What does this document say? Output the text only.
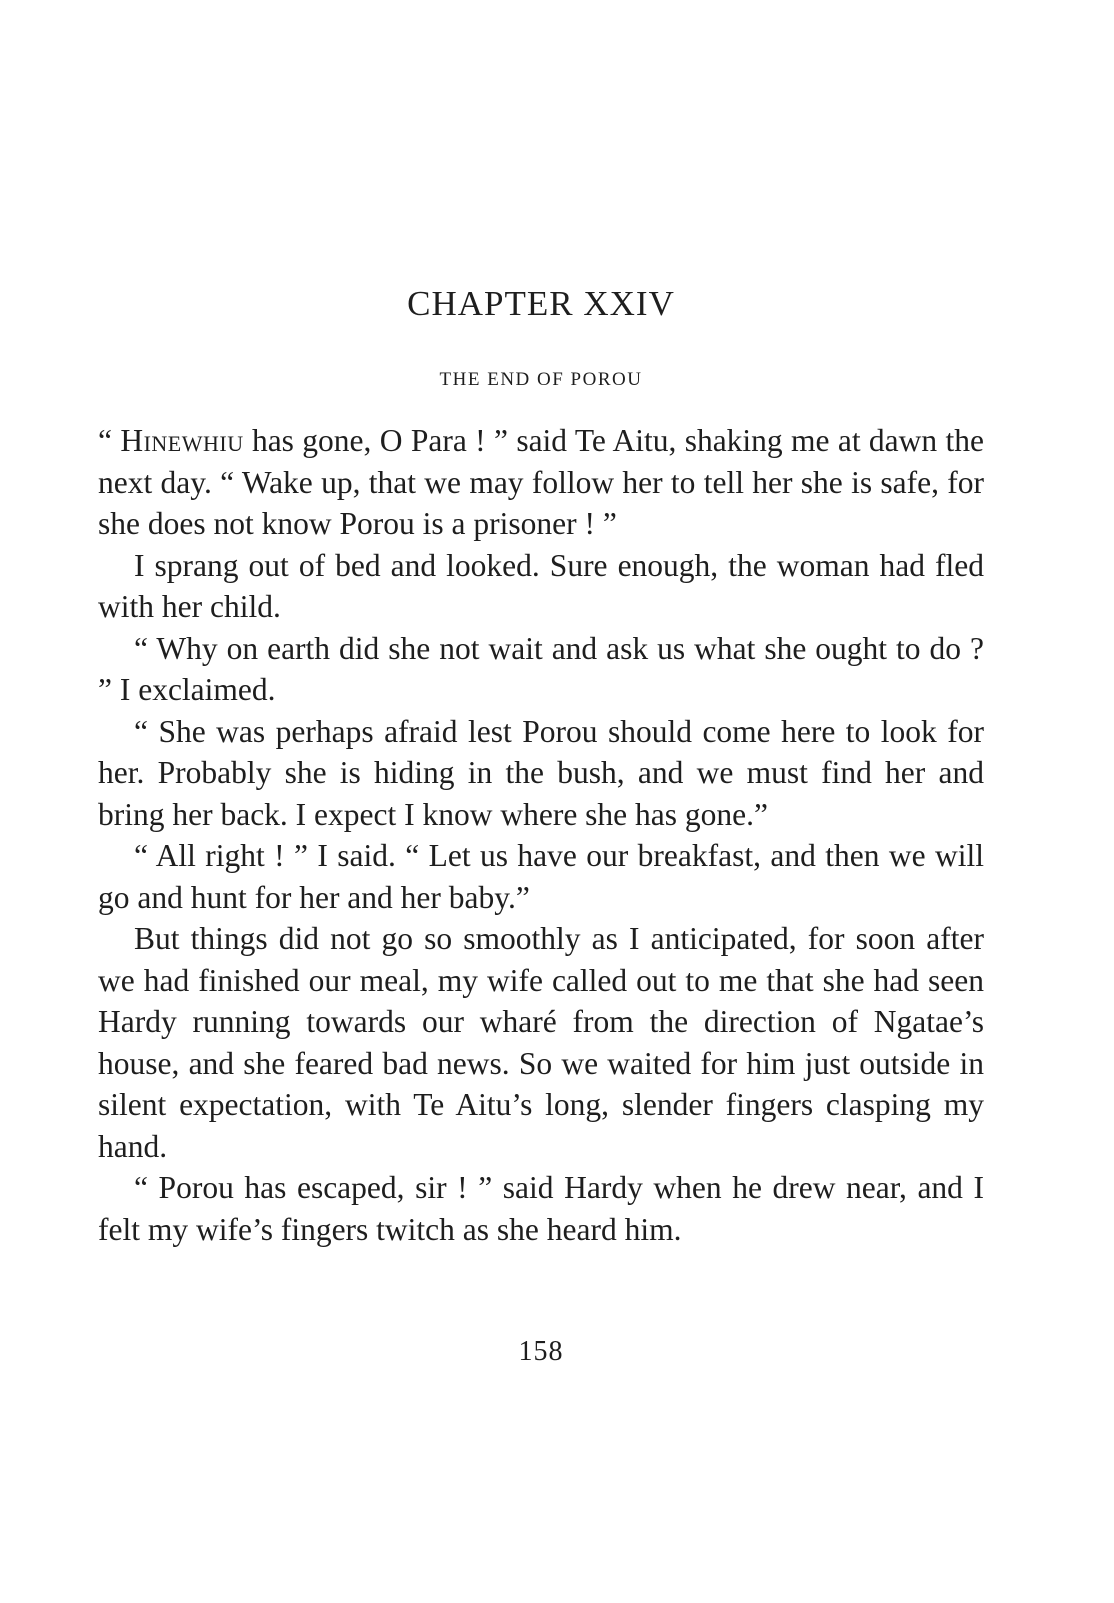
CHAPTER XXIV
THE END OF POROU

“ Hinewhiu has gone, O Para ! ” said Te Aitu, shaking me at dawn the next day. “ Wake up, that we may follow her to tell her she is safe, for she does not know Porou is a prisoner ! ”

I sprang out of bed and looked. Sure enough, the woman had fled with her child.

“ Why on earth did she not wait and ask us what she ought to do ? ” I exclaimed.

“ She was perhaps afraid lest Porou should come here to look for her. Probably she is hiding in the bush, and we must find her and bring her back. I expect I know where she has gone.”

“ All right ! ” I said. “ Let us have our breakfast, and then we will go and hunt for her and her baby.”

But things did not go so smoothly as I anticipated, for soon after we had finished our meal, my wife called out to me that she had seen Hardy running towards our wharé from the direction of Ngatae’s house, and she feared bad news. So we waited for him just outside in silent expectation, with Te Aitu’s long, slender fingers clasping my hand.

“ Porou has escaped, sir ! ” said Hardy when he drew near, and I felt my wife’s fingers twitch as she heard him.

158
